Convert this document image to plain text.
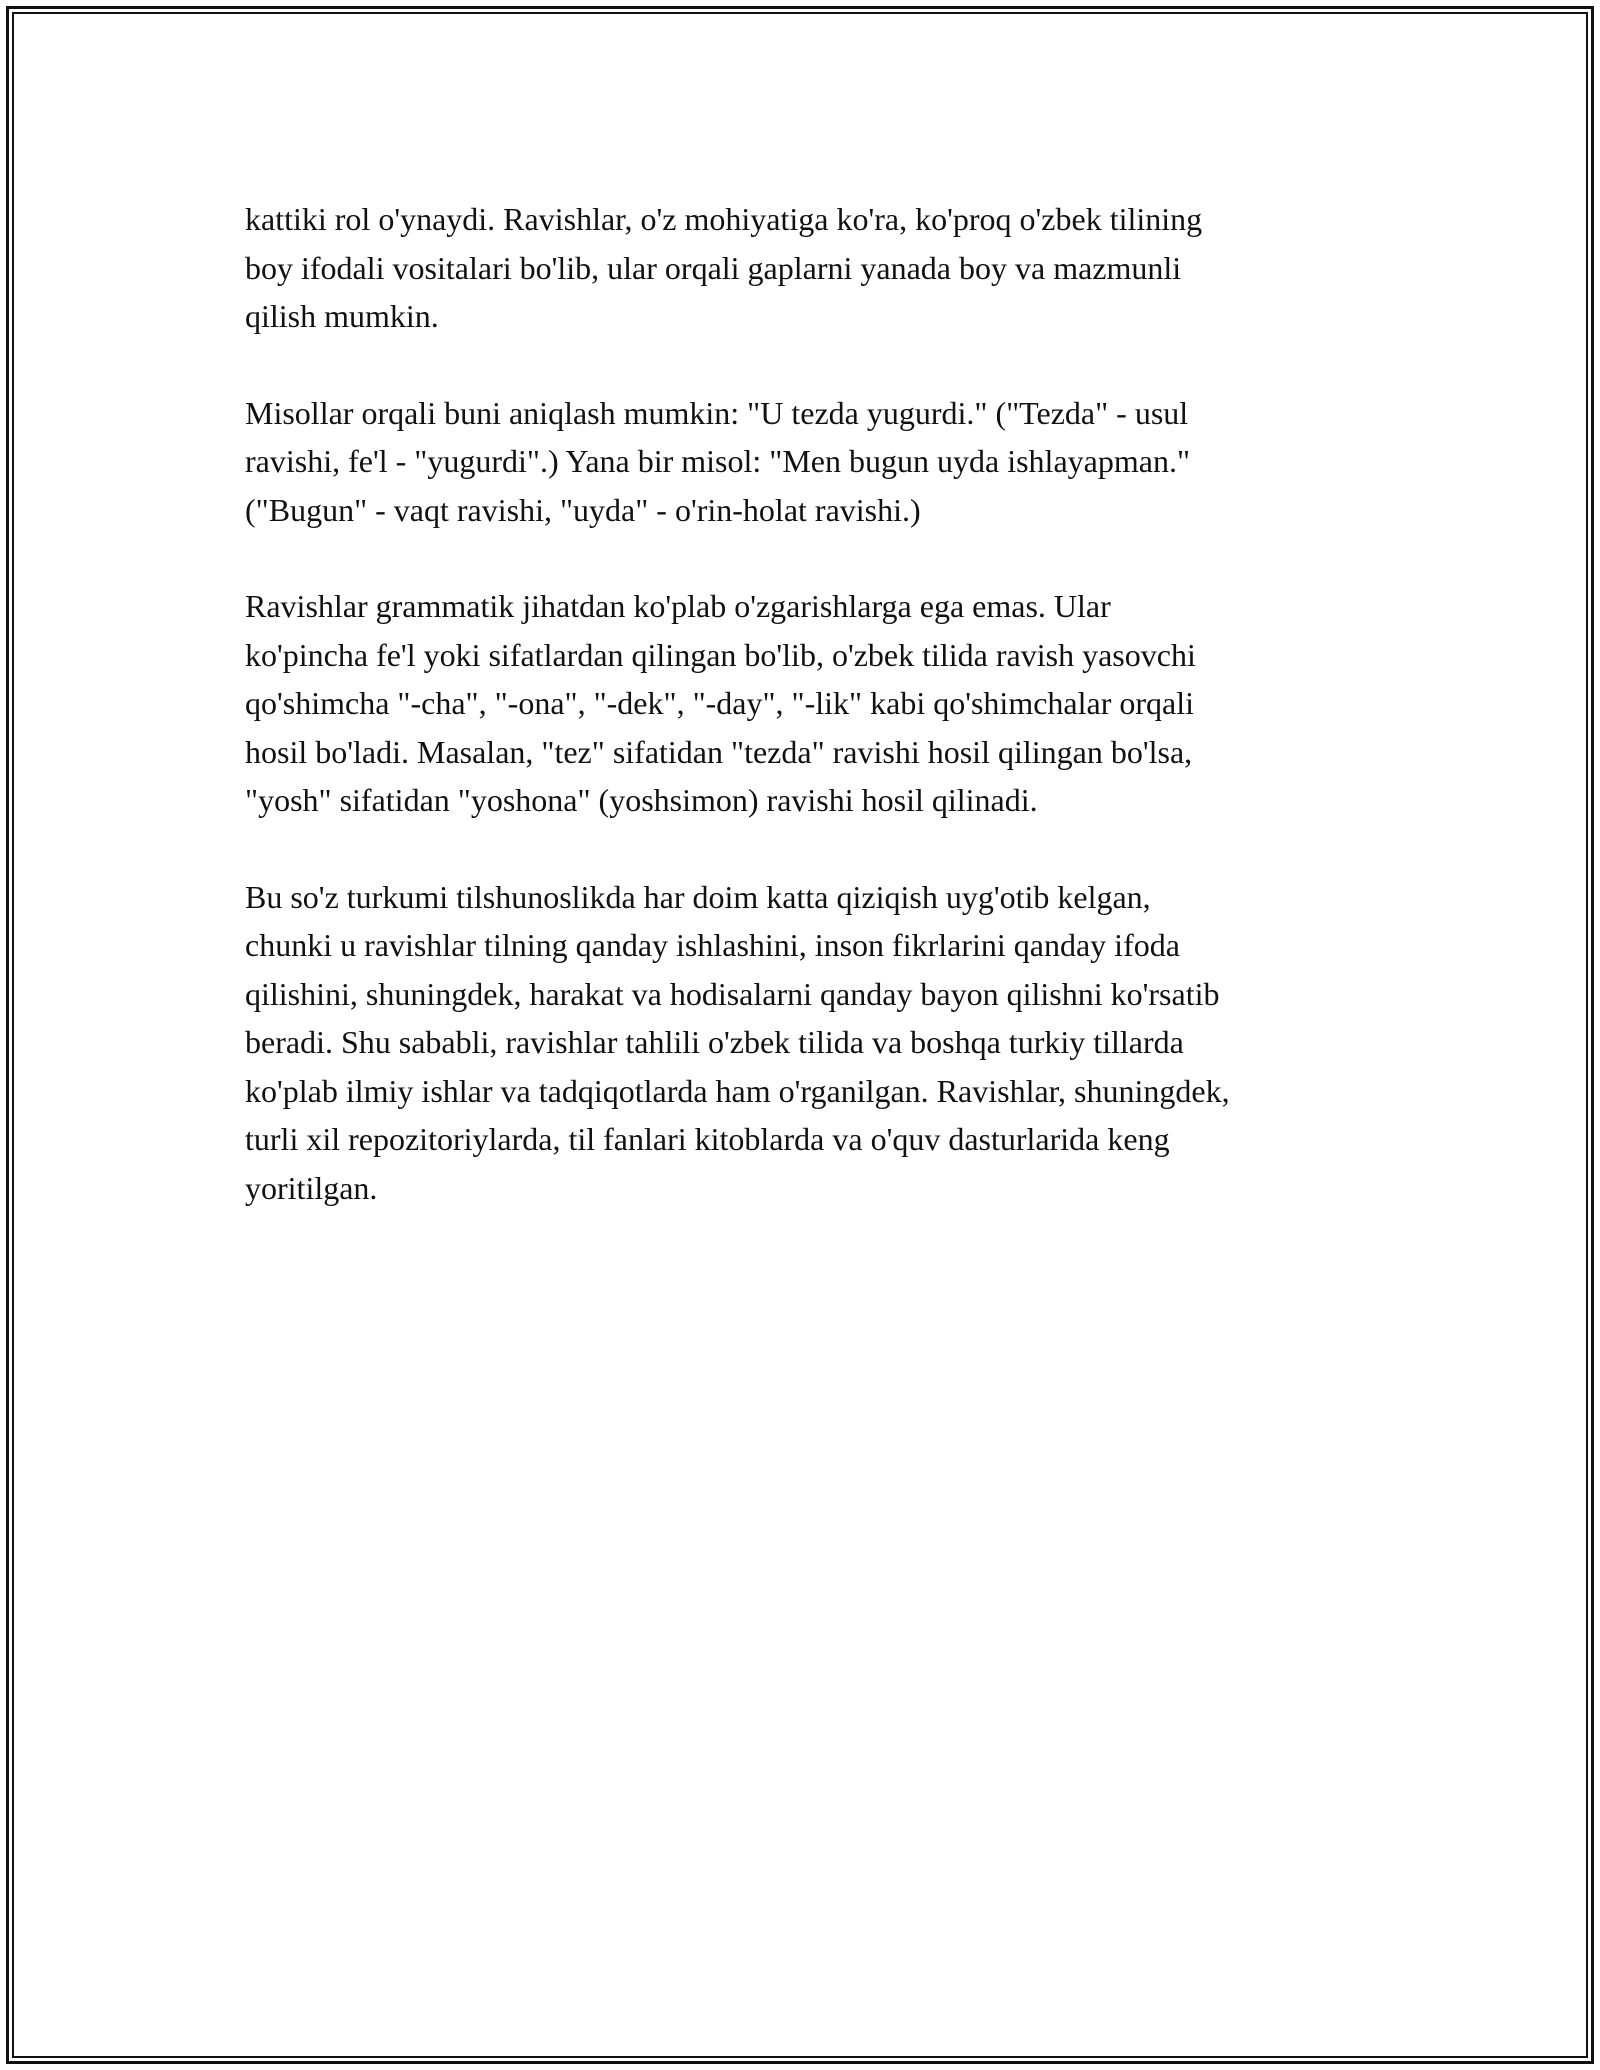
kattiki rol o'ynaydi. Ravishlar, o'z mohiyatiga ko'ra, ko'proq o'zbek tilining
boy ifodali vositalari bo'lib, ular orqali gaplarni yanada boy va mazmunli
qilish mumkin.

Misollar orqali buni aniqlash mumkin: "U tezda yugurdi." ("Tezda" - usul
ravishi, fe'l - "yugurdi".) Yana bir misol: "Men bugun uyda ishlayapman."
("Bugun" - vaqt ravishi, "uyda" - o'rin-holat ravishi.)

Ravishlar grammatik jihatdan ko'plab o'zgarishlarga ega emas. Ular
ko'pincha fe'l yoki sifatlardan qilingan bo'lib, o'zbek tilida ravish yasovchi
qo'shimcha "-cha", "-ona", "-dek", "-day", "-lik" kabi qo'shimchalar orqali
hosil bo'ladi. Masalan, "tez" sifatidan "tezda" ravishi hosil qilingan bo'lsa,
"yosh" sifatidan "yoshona" (yoshsimon) ravishi hosil qilinadi.

Bu so'z turkumi tilshunoslikda har doim katta qiziqish uyg'otib kelgan,
chunki u ravishlar tilning qanday ishlashini, inson fikrlarini qanday ifoda
qilishini, shuningdek, harakat va hodisalarni qanday bayon qilishni ko'rsatib
beradi. Shu sababli, ravishlar tahlili o'zbek tilida va boshqa turkiy tillarda
ko'plab ilmiy ishlar va tadqiqotlarda ham o'rganilgan. Ravishlar, shuningdek,
turli xil repozitoriylarda, til fanlari kitoblarda va o'quv dasturlarida keng
yoritilgan.
